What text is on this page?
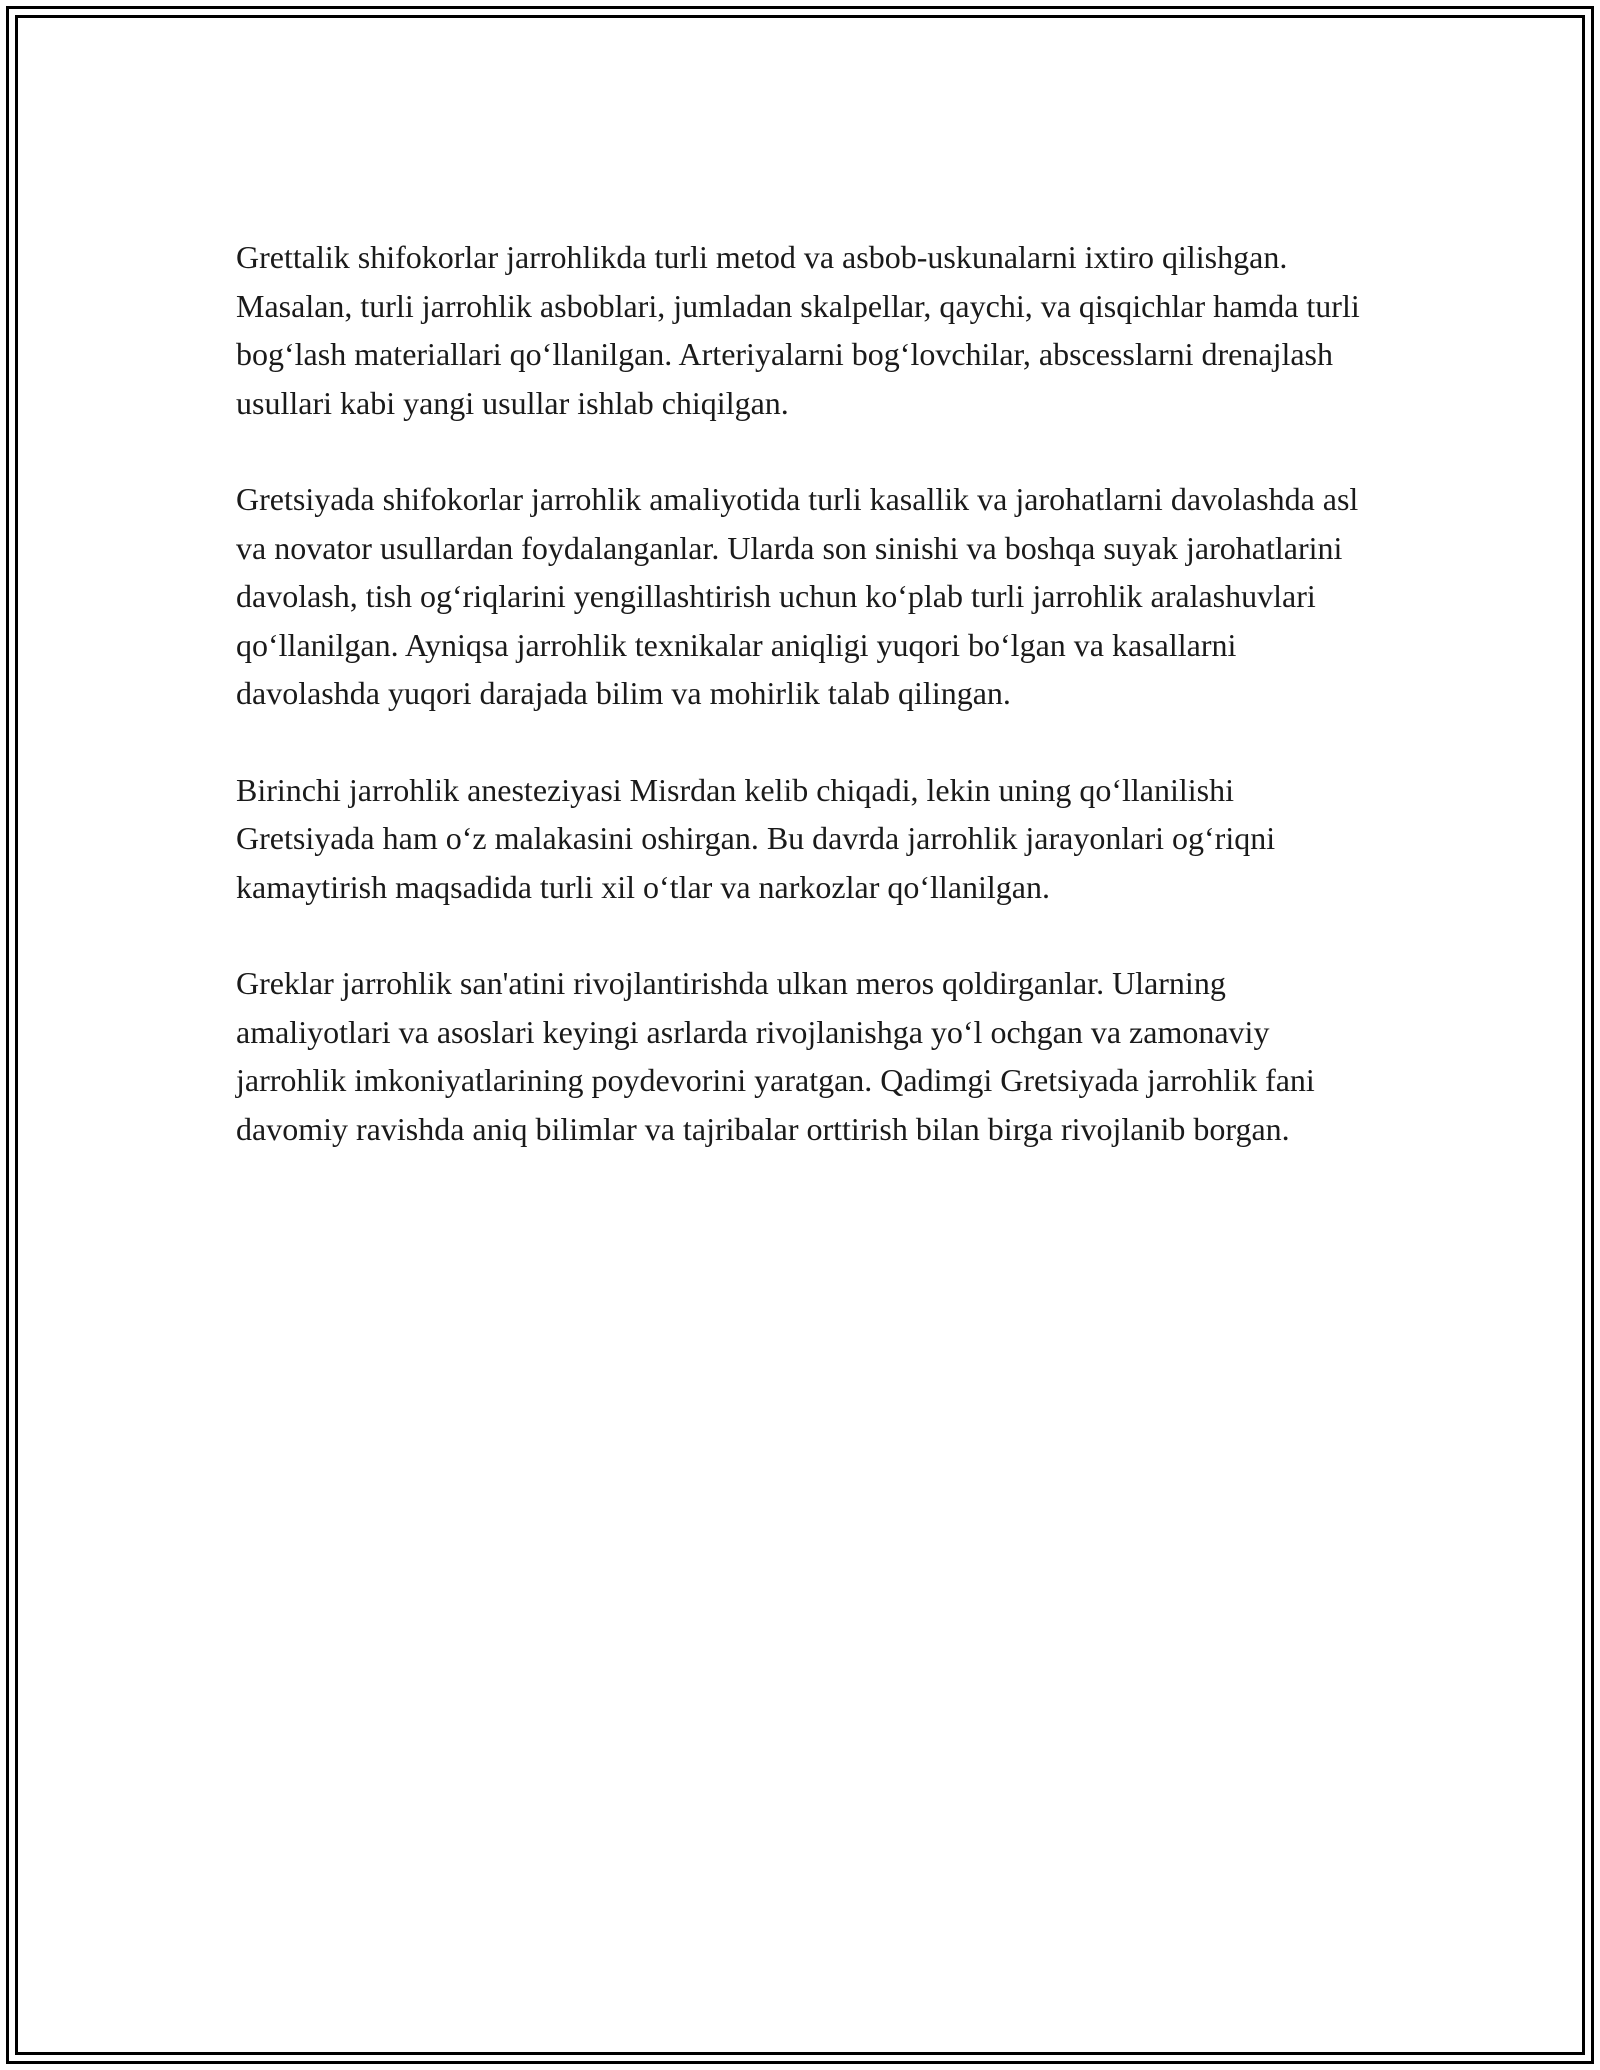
Grettalik shifokorlar jarrohlikda turli metod va asbob-uskunalarni ixtiro qilishgan. Masalan, turli jarrohlik asboblari, jumladan skalpellar, qaychi, va qisqichlar hamda turli bog‘lash materiallari qo‘llanilgan. Arteriyalarni bog‘lovchilar, abscesslarni drenajlash usullari kabi yangi usullar ishlab chiqilgan.

Gretsiyada shifokorlar jarrohlik amaliyotida turli kasallik va jarohatlarni davolashda asl va novator usullardan foydalanganlar. Ularda son sinishi va boshqa suyak jarohatlarini davolash, tish og‘riqlarini yengillashtirish uchun ko‘plab turli jarrohlik aralashuvlari qo‘llanilgan. Ayniqsa jarrohlik texnikalar aniqligi yuqori bo‘lgan va kasallarni davolashda yuqori darajada bilim va mohirlik talab qilingan.

Birinchi jarrohlik anesteziyasi Misrdan kelib chiqadi, lekin uning qo‘llanilishi Gretsiyada ham o‘z malakasini oshirgan. Bu davrda jarrohlik jarayonlari og‘riqni kamaytirish maqsadida turli xil o‘tlar va narkozlar qo‘llanilgan.

Greklar jarrohlik san'atini rivojlantirishda ulkan meros qoldirganlar. Ularning amaliyotlari va asoslari keyingi asrlarda rivojlanishga yo‘l ochgan va zamonaviy jarrohlik imkoniyatlarining poydevorini yaratgan. Qadimgi Gretsiyada jarrohlik fani davomiy ravishda aniq bilimlar va tajribalar orttirish bilan birga rivojlanib borgan.
